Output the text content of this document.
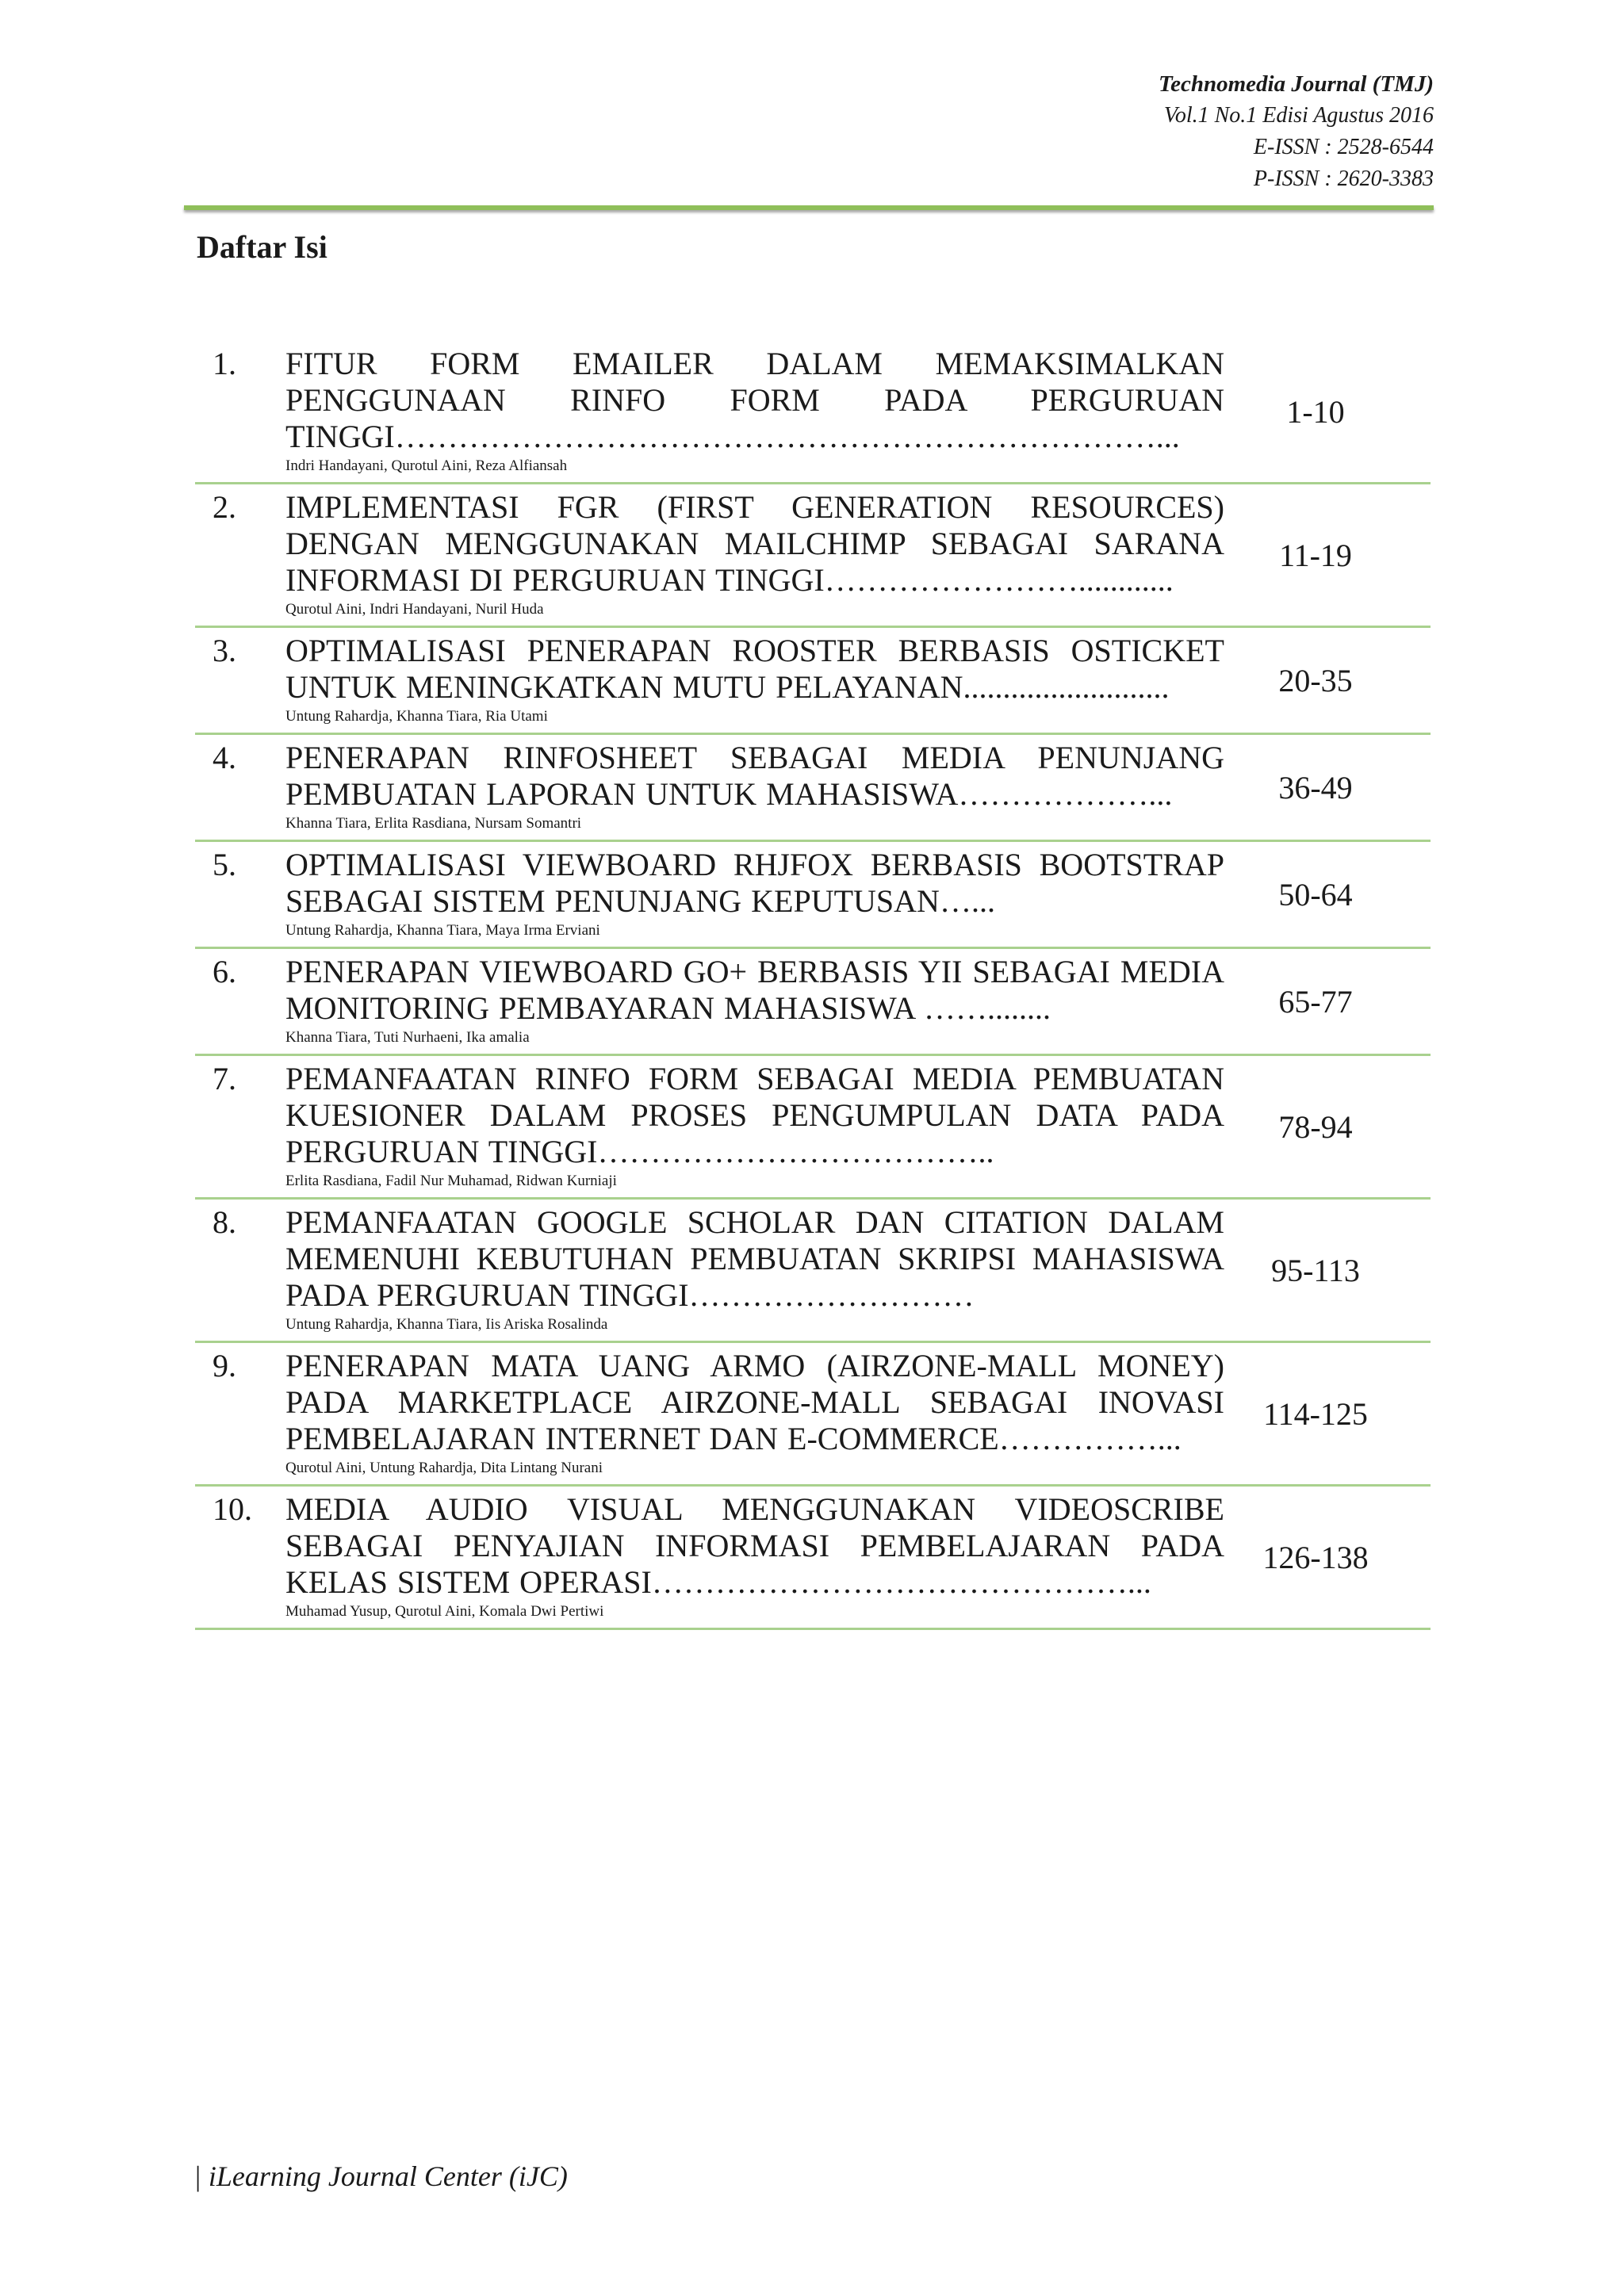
Technomedia Journal (TMJ)
Vol.1 No.1 Edisi Agustus 2016
E-ISSN : 2528-6544
P-ISSN : 2620-3383
Daftar Isi
1.	FITUR FORM EMAILER DALAM MEMAKSIMALKAN PENGGUNAAN RINFO FORM PADA PERGURUAN TINGGI………………………………………………………………...
Indri Handayani, Qurotul Aini, Reza Alfiansah
1-10
2.	IMPLEMENTASI FGR (FIRST GENERATION RESOURCES) DENGAN MENGGUNAKAN MAILCHIMP SEBAGAI SARANA INFORMASI DI PERGURUAN TINGGI……………………............
Qurotul Aini, Indri Handayani, Nuril Huda
11-19
3.	OPTIMALISASI PENERAPAN ROOSTER BERBASIS OSTICKET UNTUK MENINGKATKAN MUTU PELAYANAN..........................
Untung Rahardja, Khanna Tiara, Ria Utami
20-35
4.	PENERAPAN RINFOSHEET SEBAGAI MEDIA PENUNJANG PEMBUATAN LAPORAN UNTUK MAHASISWA………………...
Khanna Tiara, Erlita Rasdiana, Nursam Somantri
36-49
5.	OPTIMALISASI VIEWBOARD RHJFOX BERBASIS BOOTSTRAP SEBAGAI SISTEM PENUNJANG KEPUTUSAN…...
Untung Rahardja, Khanna Tiara, Maya Irma Erviani
50-64
6.	PENERAPAN VIEWBOARD GO+ BERBASIS YII SEBAGAI MEDIA MONITORING PEMBAYARAN MAHASISWA ……........
Khanna Tiara, Tuti Nurhaeni, Ika amalia
65-77
7.	PEMANFAATAN RINFO FORM SEBAGAI MEDIA PEMBUATAN KUESIONER DALAM PROSES PENGUMPULAN DATA PADA PERGURUAN TINGGI………………………………..
Erlita Rasdiana, Fadil Nur Muhamad, Ridwan Kurniaji
78-94
8.	PEMANFAATAN GOOGLE SCHOLAR DAN CITATION DALAM MEMENUHI KEBUTUHAN PEMBUATAN SKRIPSI MAHASISWA PADA PERGURUAN TINGGI………………………
Untung Rahardja, Khanna Tiara, Iis Ariska Rosalinda
95-113
9.	PENERAPAN MATA UANG ARMO (AIRZONE-MALL MONEY) PADA MARKETPLACE AIRZONE-MALL SEBAGAI INOVASI PEMBELAJARAN INTERNET DAN E-COMMERCE……………...
Qurotul Aini, Untung Rahardja, Dita Lintang Nurani
114-125
10.	MEDIA AUDIO VISUAL MENGGUNAKAN VIDEOSCRIBE SEBAGAI PENYAJIAN INFORMASI PEMBELAJARAN PADA KELAS SISTEM OPERASI………………………………………...
Muhamad Yusup, Qurotul Aini, Komala Dwi Pertiwi
126-138
| iLearning Journal Center (iJC)
